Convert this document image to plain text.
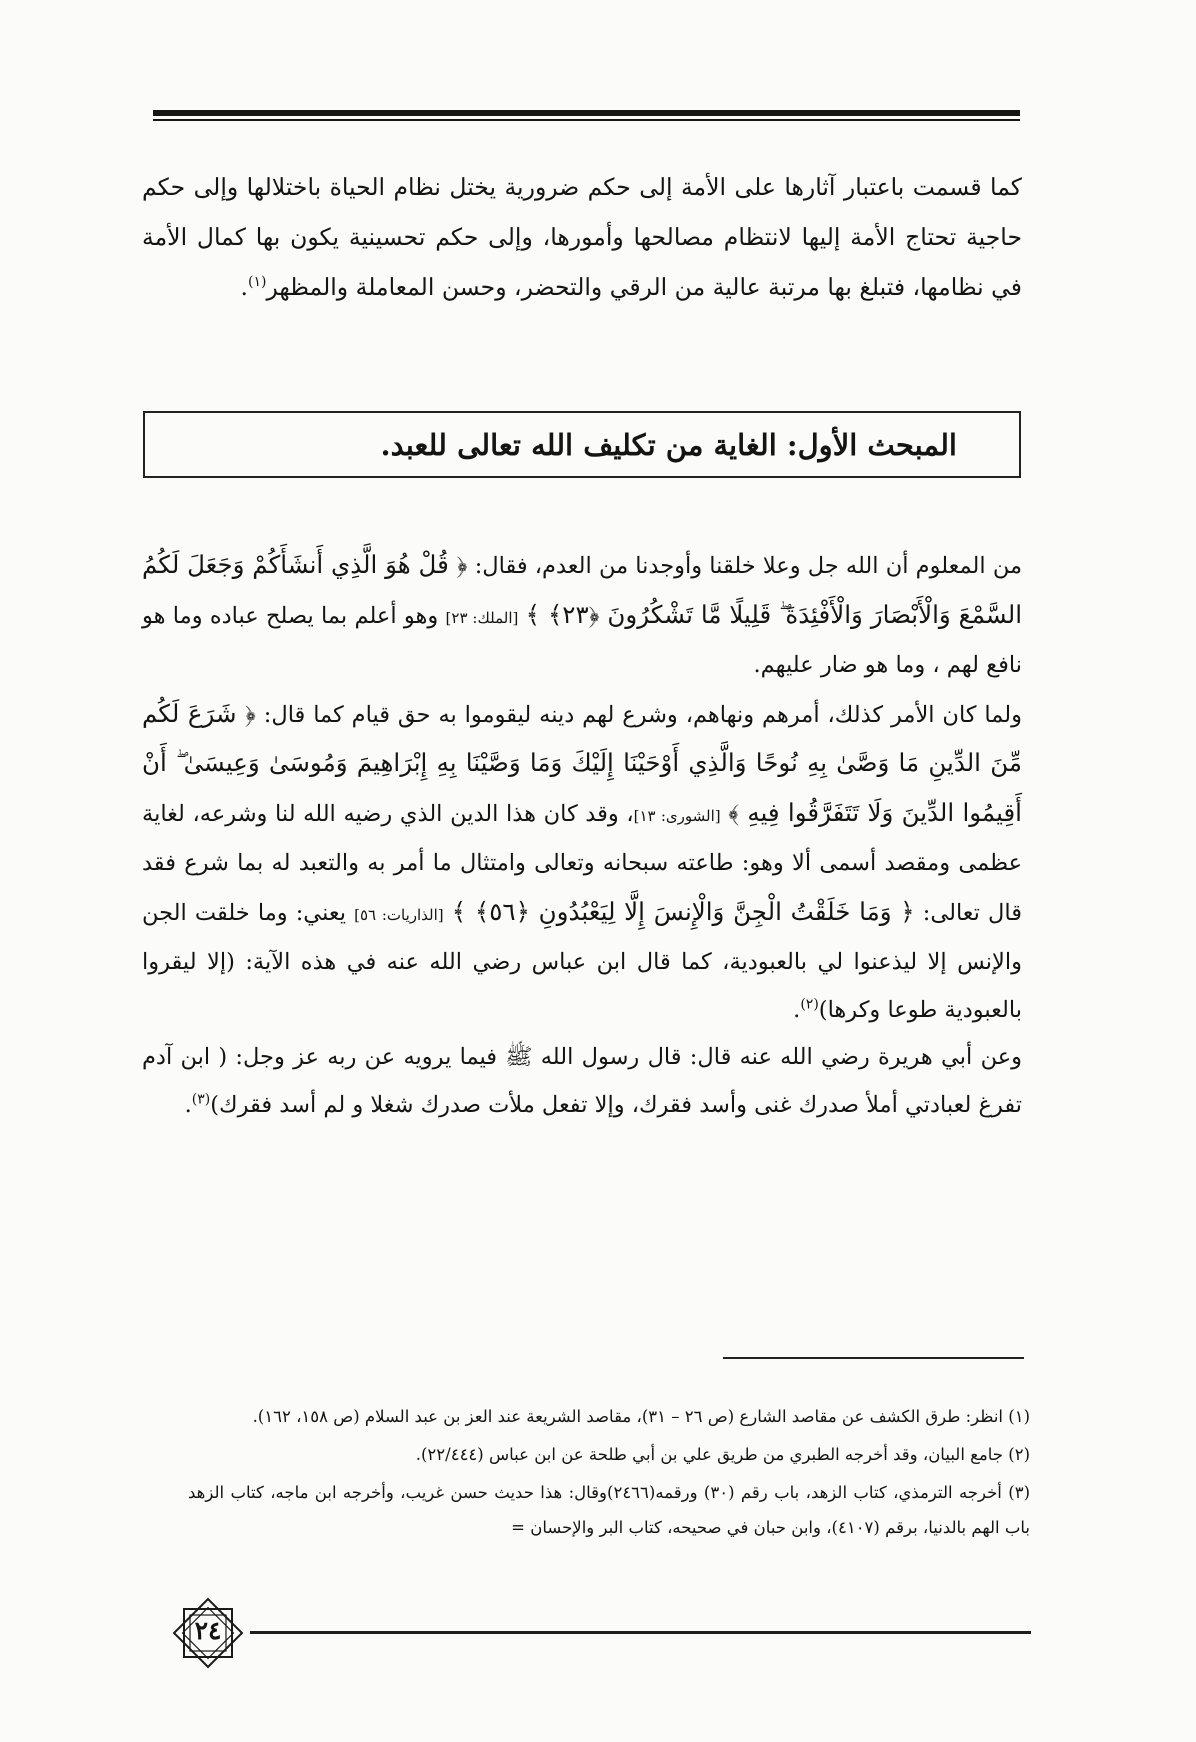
كما قسمت باعتبار آثارها على الأمة إلى حكم ضرورية يختل نظام الحياة باختلالها وإلى حكم حاجية تحتاج الأمة إليها لانتظام مصالحها وأمورها، وإلى حكم تحسينية يكون بها كمال الأمة في نظامها، فتبلغ بها مرتبة عالية من الرقي والتحضر، وحسن المعاملة والمظهر$^{(١)}$.
المبحث الأول: الغاية من تكليف الله تعالى للعبد.
من المعلوم أن الله جل وعلا خلقنا وأوجدنا من العدم، فقال: ﴿ قُلْ هُوَ الَّذِي أَنشَأَكُمْ وَجَعَلَ لَكُمُ السَّمْعَ وَالْأَبْصَارَ وَالْأَفْئِدَةَ ۖ قَلِيلًا مَّا تَشْكُرُونَ ﴿٢٣﴾ ﴾ [الملك: ٢٣] وهو أعلم بما يصلح عباده وما هو نافع لهم ، وما هو ضار عليهم.
ولما كان الأمر كذلك، أمرهم ونهاهم، وشرع لهم دينه ليقوموا به حق قيام كما قال: ﴿ شَرَعَ لَكُم مِّنَ الدِّينِ مَا وَصَّىٰ بِهِ نُوحًا وَالَّذِي أَوْحَيْنَا إِلَيْكَ وَمَا وَصَّيْنَا بِهِ إِبْرَاهِيمَ وَمُوسَىٰ وَعِيسَىٰ ۖ أَنْ أَقِيمُوا الدِّينَ وَلَا تَتَفَرَّقُوا فِيهِ ﴾ [الشورى: ١٣]، وقد كان هذا الدين الذي رضيه الله لنا وشرعه، لغاية عظمى ومقصد أسمى ألا وهو: طاعته سبحانه وتعالى وامتثال ما أمر به والتعبد له بما شرع فقد قال تعالى: ﴿ وَمَا خَلَقْتُ الْجِنَّ وَالْإِنسَ إِلَّا لِيَعْبُدُونِ ﴿٥٦﴾ ﴾ [الذاريات: ٥٦] يعني: وما خلقت الجن والإنس إلا ليذعنوا لي بالعبودية، كما قال ابن عباس رضي الله عنه في هذه الآية: (إلا ليقروا بالعبودية طوعا وكرها)$^{(٢)}$.
وعن أبي هريرة رضي الله عنه قال: قال رسول الله ﷺ فيما يرويه عن ربه عز وجل: ( ابن آدم تفرغ لعبادتي أملأ صدرك غنى وأسد فقرك، وإلا تفعل ملأت صدرك شغلا و لم أسد فقرك)$^{(٣)}$.
(١) انظر: طرق الكشف عن مقاصد الشارع (ص ٢٦ – ٣١)، مقاصد الشريعة عند العز بن عبد السلام (ص ١٥٨، ١٦٢).
(٢) جامع البيان، وقد أخرجه الطبري من طريق علي بن أبي طلحة عن ابن عباس (٢٢/٤٤٤).
(٣) أخرجه الترمذي، كتاب الزهد، باب رقم (٣٠) ورقمه(٢٤٦٦)وقال: هذا حديث حسن غريب، وأخرجه ابن ماجه، كتاب الزهد باب الهم بالدنيا، برقم (٤١٠٧)، وابن حبان في صحيحه، كتاب البر والإحسان =
٢٤
